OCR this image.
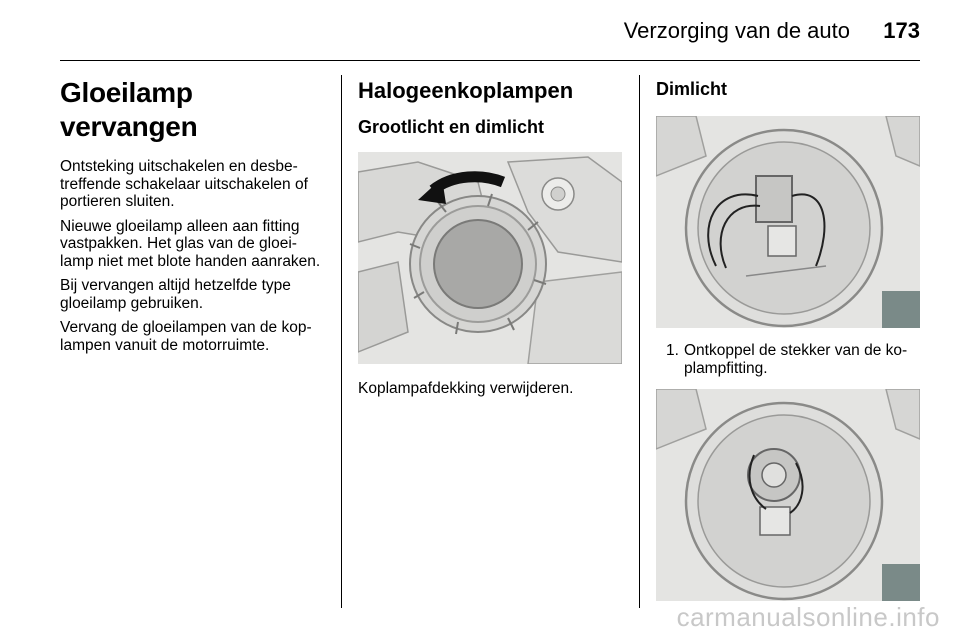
Verzorging van de auto 173
Gloeilamp vervangen

Ontsteking uitschakelen en desbe-treffende schakelaar uitschakelen of portieren sluiten.

Nieuwe gloeilamp alleen aan fitting vastpakken. Het glas van de gloei-lamp niet met blote handen aanraken.

Bij vervangen altijd hetzelfde type gloeilamp gebruiken.

Vervang de gloeilampen van de kop-lampen vanuit de motorruimte.

Halogeenkoplampen
Grootlicht en dimlicht

Koplampafdekking verwijderen.

Dimlicht
1. Ontkoppel de stekker van de ko-plampfitting.
carmanualsonline.info
